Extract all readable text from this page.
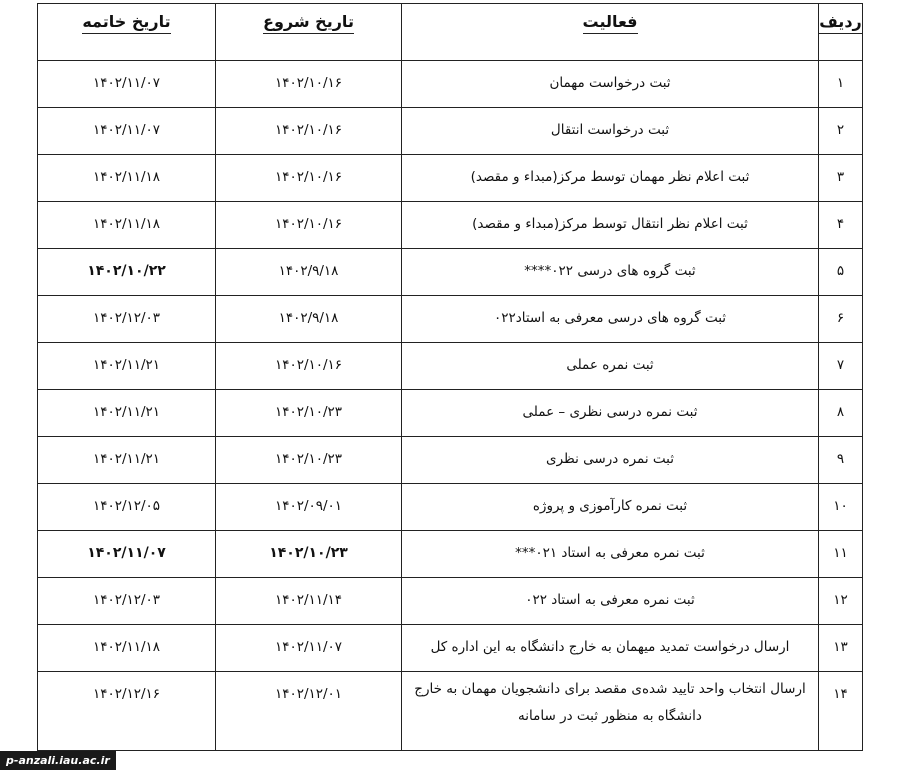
ردیف	فعالیت	تاریخ شروع	تاریخ خاتمه

۱	ثبت درخواست مهمان	۱۴۰۲/۱۰/۱۶	۱۴۰۲/۱۱/۰۷

۲	ثبت درخواست انتقال	۱۴۰۲/۱۰/۱۶	۱۴۰۲/۱۱/۰۷

۳	ثبت اعلام نظر مهمان توسط مرکز(مبداء و مقصد)	۱۴۰۲/۱۰/۱۶	۱۴۰۲/۱۱/۱۸

۴	ثبت اعلام نظر انتقال توسط مرکز(مبداء و مقصد)	۱۴۰۲/۱۰/۱۶	۱۴۰۲/۱۱/۱۸

۵	ثبت گروه های درسی ۰۲۲****	۱۴۰۲/۹/۱۸	۱۴۰۲/۱۰/۲۲

۶	ثبت گروه های درسی معرفی به استاد۰۲۲	۱۴۰۲/۹/۱۸	۱۴۰۲/۱۲/۰۳

۷	ثبت نمره عملی	۱۴۰۲/۱۰/۱۶	۱۴۰۲/۱۱/۲۱

۸	ثبت نمره درسی نظری – عملی	۱۴۰۲/۱۰/۲۳	۱۴۰۲/۱۱/۲۱

۹	ثبت نمره درسی نظری	۱۴۰۲/۱۰/۲۳	۱۴۰۲/۱۱/۲۱

۱۰	ثبت نمره کارآموزی و پروژه	۱۴۰۲/۰۹/۰۱	۱۴۰۲/۱۲/۰۵

۱۱	ثبت نمره معرفی به استاد ۰۲۱***	۱۴۰۲/۱۰/۲۳	۱۴۰۲/۱۱/۰۷

۱۲	ثبت نمره معرفی به استاد ۰۲۲	۱۴۰۲/۱۱/۱۴	۱۴۰۲/۱۲/۰۳

۱۳	ارسال درخواست تمدید میهمان به خارج دانشگاه به این اداره کل	۱۴۰۲/۱۱/۰۷	۱۴۰۲/۱۱/۱۸

۱۴	ارسال انتخاب واحد تایید شده‌ی مقصد برای دانشجویان مهمان به خارج دانشگاه به منظور ثبت در سامانه	۱۴۰۲/۱۲/۰۱	۱۴۰۲/۱۲/۱۶
p-anzali.iau.ac.ir
